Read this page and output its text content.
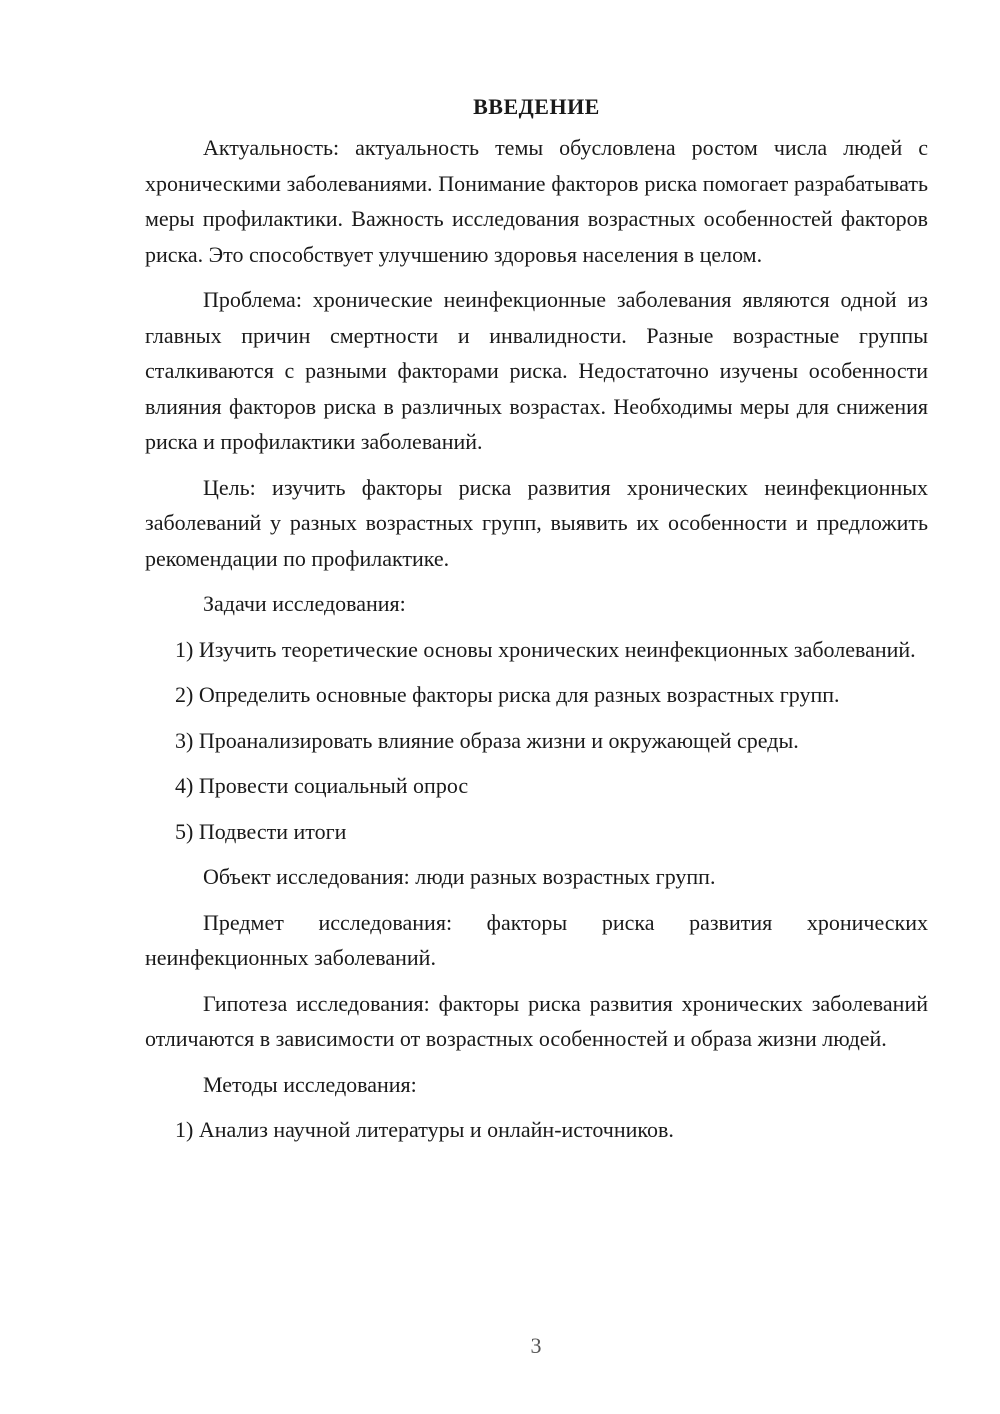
ВВЕДЕНИЕ

Актуальность: актуальность темы обусловлена ростом числа людей с хроническими заболеваниями. Понимание факторов риска помогает разрабатывать меры профилактики. Важность исследования возрастных особенностей факторов риска. Это способствует улучшению здоровья населения в целом.

Проблема: хронические неинфекционные заболевания являются одной из главных причин смертности и инвалидности. Разные возрастные группы сталкиваются с разными факторами риска. Недостаточно изучены особенности влияния факторов риска в различных возрастах. Необходимы меры для снижения риска и профилактики заболеваний.

Цель: изучить факторы риска развития хронических неинфекционных заболеваний у разных возрастных групп, выявить их особенности и предложить рекомендации по профилактике.

Задачи исследования:

1) Изучить теоретические основы хронических неинфекционных заболеваний.

2) Определить основные факторы риска для разных возрастных групп.

3) Проанализировать влияние образа жизни и окружающей среды.

4) Провести социальный опрос

5) Подвести итоги

Объект исследования: люди разных возрастных групп.

Предмет исследования: факторы риска развития хронических неинфекционных заболеваний.

Гипотеза исследования: факторы риска развития хронических заболеваний отличаются в зависимости от возрастных особенностей и образа жизни людей.

Методы исследования:

1) Анализ научной литературы и онлайн-источников.

3
